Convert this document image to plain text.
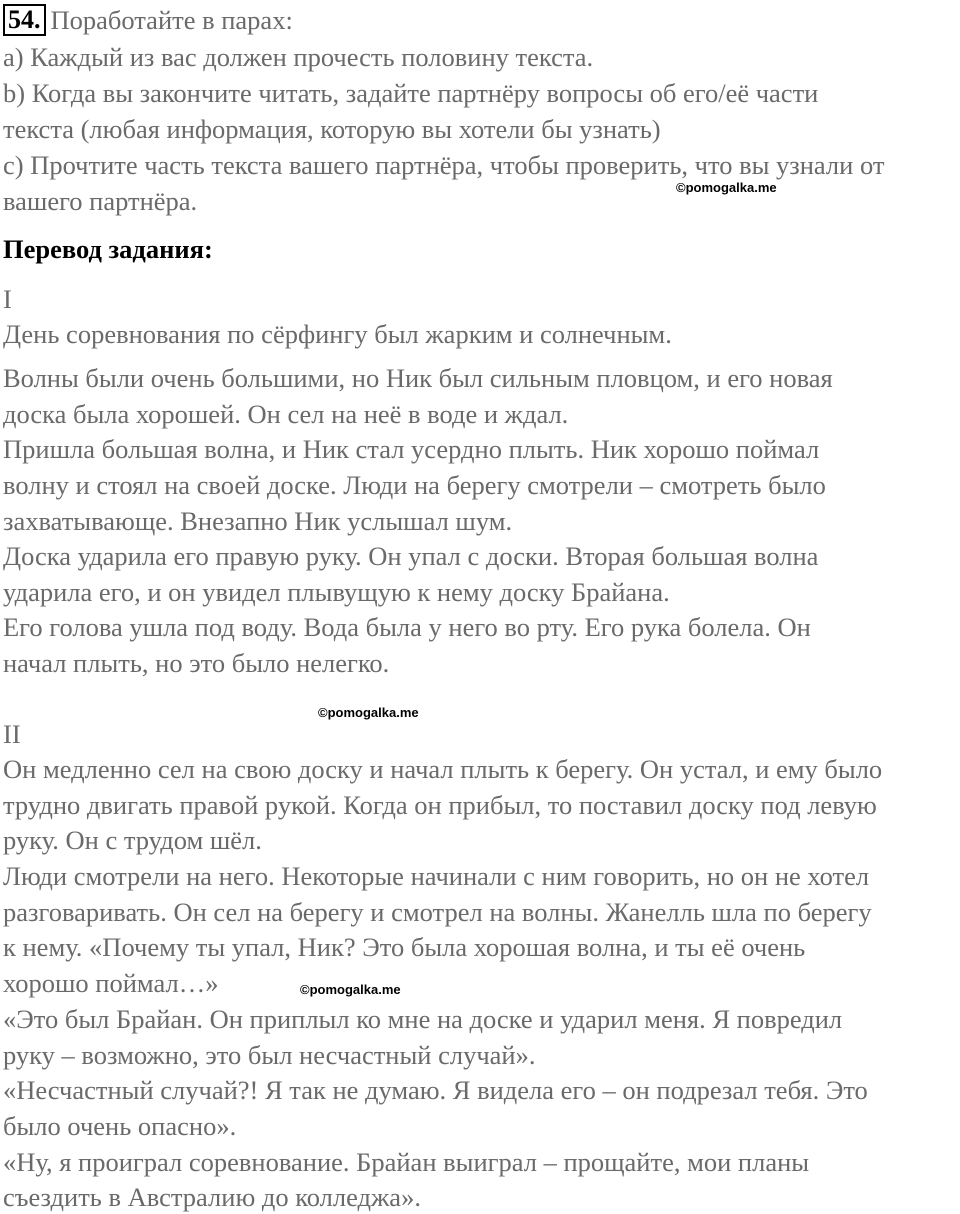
54. Поработайте в парах:
a) Каждый из вас должен прочесть половину текста.
b) Когда вы закончите читать, задайте партнёру вопросы об его/её части
текста (любая информация, которую вы хотели бы узнать)
c) Прочтите часть текста вашего партнёра, чтобы проверить, что вы узнали от
вашего партнёра.	©pomogalka.me
Перевод задания:
I
День соревнования по сёрфингу был жарким и солнечным.
Волны были очень большими, но Ник был сильным пловцом, и его новая
доска была хорошей. Он сел на неё в воде и ждал.
Пришла большая волна, и Ник стал усердно плыть. Ник хорошо поймал
волну и стоял на своей доске. Люди на берегу смотрели – смотреть было
захватывающе. Внезапно Ник услышал шум.
Доска ударила его правую руку. Он упал с доски. Вторая большая волна
ударила его, и он увидел плывущую к нему доску Брайана.
Его голова ушла под воду. Вода была у него во рту. Его рука болела. Он
начал плыть, но это было нелегко.
©pomogalka.me
II
Он медленно сел на свою доску и начал плыть к берегу. Он устал, и ему было
трудно двигать правой рукой. Когда он прибыл, то поставил доску под левую
руку. Он с трудом шёл.
Люди смотрели на него. Некоторые начинали с ним говорить, но он не хотел
разговаривать. Он сел на берегу и смотрел на волны. Жанелль шла по берегу
к нему. «Почему ты упал, Ник? Это была хорошая волна, и ты её очень
хорошо поймал…»	©pomogalka.me
«Это был Брайан. Он приплыл ко мне на доске и ударил меня. Я повредил
руку – возможно, это был несчастный случай».
«Несчастный случай?! Я так не думаю. Я видела его – он подрезал тебя. Это
было очень опасно».
«Ну, я проиграл соревнование. Брайан выиграл – прощайте, мои планы
съездить в Австралию до колледжа».
